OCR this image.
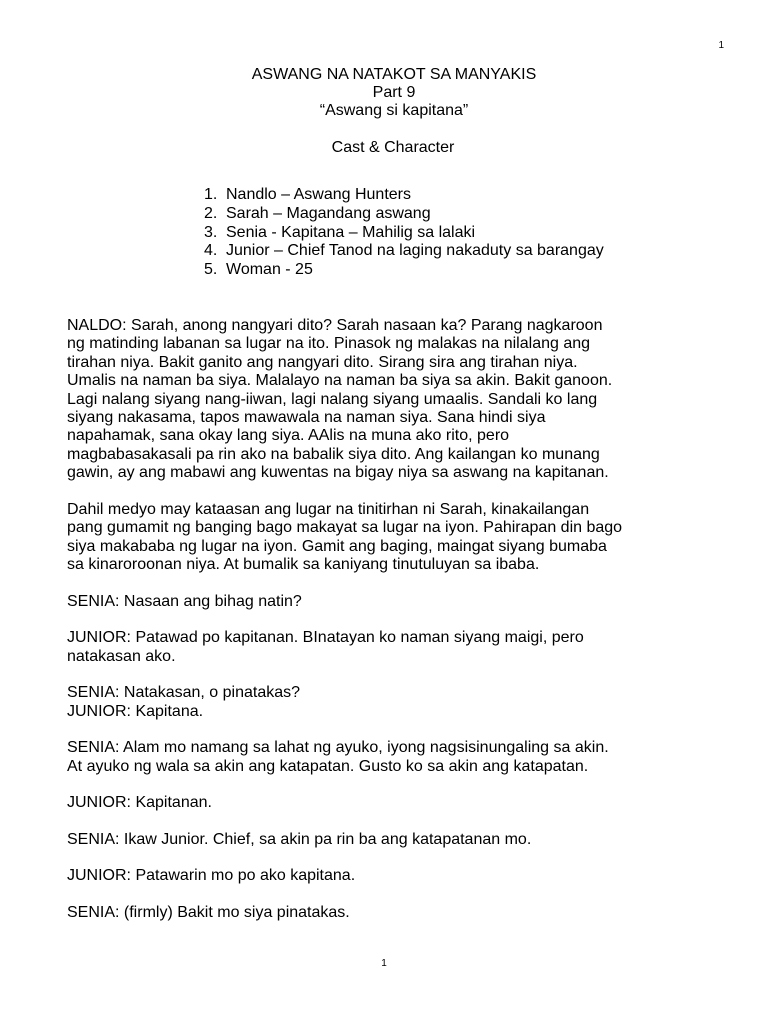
1
ASWANG NA NATAKOT SA MANYAKIS
Part 9
“Aswang si kapitana”
Cast & Character
1. Nandlo – Aswang Hunters
2. Sarah – Magandang aswang
3. Senia - Kapitana – Mahilig sa lalaki
4. Junior – Chief Tanod na laging nakaduty sa barangay
5. Woman - 25

NALDO: Sarah, anong nangyari dito? Sarah nasaan ka? Parang nagkaroon
ng matinding labanan sa lugar na ito. Pinasok ng malakas na nilalang ang
tirahan niya. Bakit ganito ang nangyari dito. Sirang sira ang tirahan niya.
Umalis na naman ba siya. Malalayo na naman ba siya sa akin. Bakit ganoon.
Lagi nalang siyang nang-iiwan, lagi nalang siyang umaalis. Sandali ko lang
siyang nakasama, tapos mawawala na naman siya. Sana hindi siya
napahamak, sana okay lang siya. AAlis na muna ako rito, pero
magbabasakasali pa rin ako na babalik siya dito. Ang kailangan ko munang
gawin, ay ang mabawi ang kuwentas na bigay niya sa aswang na kapitanan.

Dahil medyo may kataasan ang lugar na tinitirhan ni Sarah, kinakailangan
pang gumamit ng banging bago makayat sa lugar na iyon. Pahirapan din bago
siya makababa ng lugar na iyon. Gamit ang baging, maingat siyang bumaba
sa kinaroroonan niya. At bumalik sa kaniyang tinutuluyan sa ibaba.

SENIA: Nasaan ang bihag natin?

JUNIOR: Patawad po kapitanan. BInatayan ko naman siyang maigi, pero
natakasan ako.

SENIA: Natakasan, o pinatakas?

JUNIOR: Kapitana.

SENIA: Alam mo namang sa lahat ng ayuko, iyong nagsisinungaling sa akin.
At ayuko ng wala sa akin ang katapatan. Gusto ko sa akin ang katapatan.

JUNIOR: Kapitanan.

SENIA: Ikaw Junior. Chief, sa akin pa rin ba ang katapatanan mo.

JUNIOR: Patawarin mo po ako kapitana.

SENIA: (firmly) Bakit mo siya pinatakas.

1
